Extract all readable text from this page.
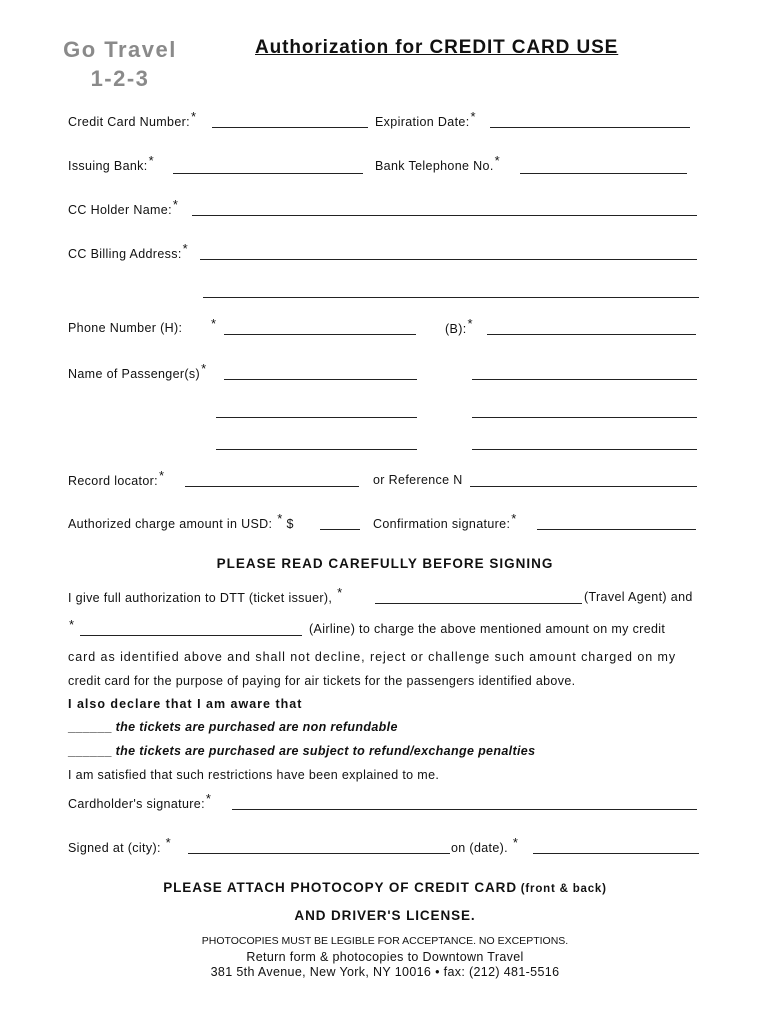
Go Travel
1-2-3
Authorization for CREDIT CARD USE
Credit Card Number:*	Expiration Date:*
Issuing Bank:*	Bank Telephone No.*
CC Holder Name:*
CC Billing Address:*
Phone Number (H): *	(B):*
Name of Passenger(s)*
Record locator:*	or Reference N
Authorized charge amount in USD: * $	Confirmation signature:*
PLEASE READ CAREFULLY BEFORE SIGNING
I give full authorization to DTT (ticket issuer), *	(Travel Agent) and
*	(Airline) to charge the above mentioned amount on my credit
card as identified above and shall not decline, reject or challenge such amount charged on my
credit card for the purpose of paying for air tickets for the passengers identified above.
I also declare that I am aware that
______ the tickets are purchased are non refundable
______ the tickets are purchased are subject to refund/exchange penalties
I am satisfied that such restrictions have been explained to me.
Cardholder's signature:*
Signed at (city): *	on (date). *
PLEASE ATTACH PHOTOCOPY OF CREDIT CARD (front & back)
AND DRIVER'S LICENSE.
PHOTOCOPIES MUST BE LEGIBLE FOR ACCEPTANCE. NO EXCEPTIONS.
Return form & photocopies to Downtown Travel
381 5th Avenue, New York, NY 10016 • fax: (212) 481-5516
